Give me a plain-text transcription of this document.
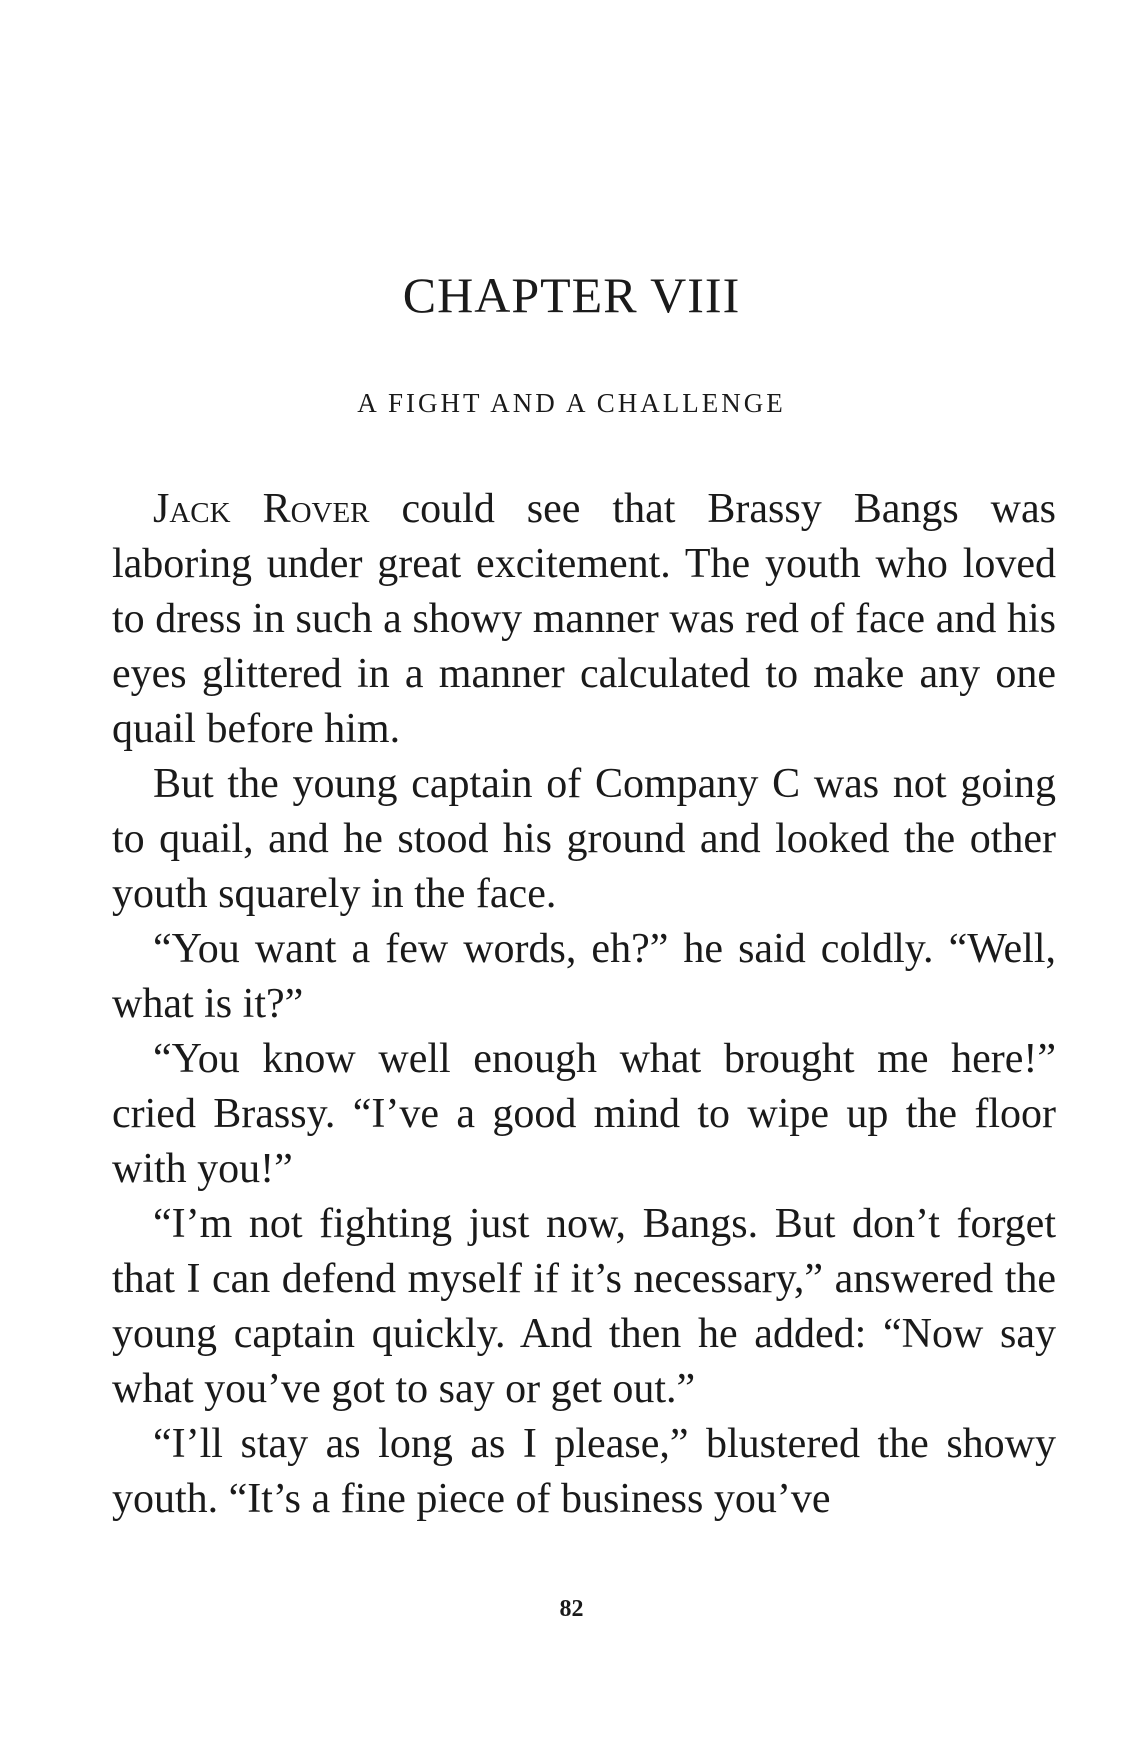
CHAPTER VIII
A FIGHT AND A CHALLENGE

Jack Rover could see that Brassy Bangs was laboring under great excitement. The youth who loved to dress in such a showy manner was red of face and his eyes glittered in a manner calculated to make any one quail before him.

But the young captain of Company C was not going to quail, and he stood his ground and looked the other youth squarely in the face.

“You want a few words, eh?” he said coldly. “Well, what is it?”

“You know well enough what brought me here!” cried Brassy. “I’ve a good mind to wipe up the floor with you!”

“I’m not fighting just now, Bangs. But don’t forget that I can defend myself if it’s necessary,” answered the young captain quickly. And then he added: “Now say what you’ve got to say or get out.”

“I’ll stay as long as I please,” blustered the showy youth. “It’s a fine piece of business you’ve

82
